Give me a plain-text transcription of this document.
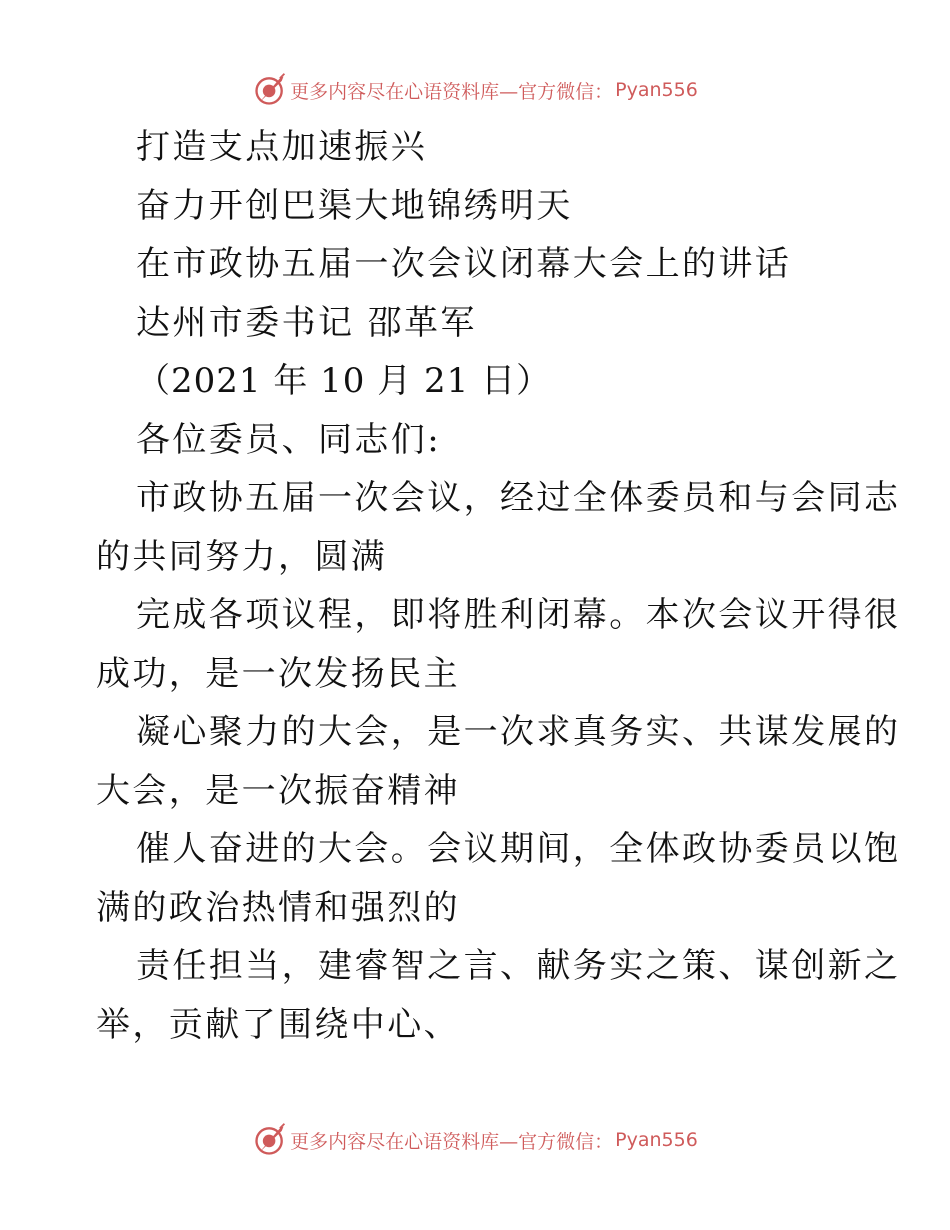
更多内容尽在心语资料库—官方微信： Pyan556
打造支点加速振兴
奋力开创巴渠大地锦绣明天
在市政协五届一次会议闭幕大会上的讲话
达州市委书记 邵革军
（2021 年 10 月 21 日）
各位委员、同志们:
市政协五届一次会议，经过全体委员和与会同志
的共同努力，圆满
完成各项议程，即将胜利闭幕。本次会议开得很
成功，是一次发扬民主
凝心聚力的大会，是一次求真务实、共谋发展的
大会，是一次振奋精神
催人奋进的大会。会议期间，全体政协委员以饱
满的政治热情和强烈的
责任担当，建睿智之言、献务实之策、谋创新之
举，贡献了围绕中心、
更多内容尽在心语资料库—官方微信： Pyan556
